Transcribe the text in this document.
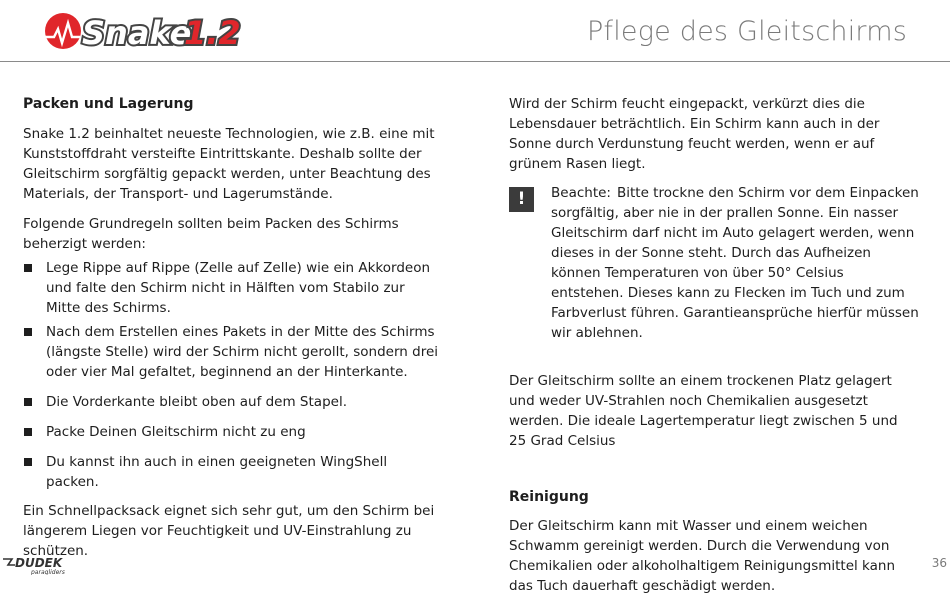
Snake
1.2	Pflege des Gleitschirms
Packen und Lagerung

Snake 1.2 beinhaltet neueste Technologien, wie z.B. eine mit Kunststoffdraht versteifte Eintrittskante. Deshalb sollte der Gleitschirm sorgfältig gepackt werden, unter Beachtung des Materials, der Transport- und Lagerumstände.

Folgende Grundregeln sollten beim Packen des Schirms beherzigt werden:

Lege Rippe auf Rippe (Zelle auf Zelle) wie ein Akkordeon und falte den Schirm nicht in Hälften vom Stabilo zur Mitte des Schirms.
Nach dem Erstellen eines Pakets in der Mitte des Schirms (längste Stelle) wird der Schirm nicht gerollt, sondern drei oder vier Mal gefaltet, beginnend an der Hinterkante.
Die Vorderkante bleibt oben auf dem Stapel.
Packe Deinen Gleitschirm nicht zu eng
Du kannst ihn auch in einen geeigneten WingShell packen.

Ein Schnellpacksack eignet sich sehr gut, um den Schirm bei längerem Liegen vor Feuchtigkeit und UV-Einstrahlung zu schützen.

Wird der Schirm feucht eingepackt, verkürzt dies die Lebensdauer beträchtlich. Ein Schirm kann auch in der Sonne durch Verdunstung feucht werden, wenn er auf grünem Rasen liegt.

!	Beachte: Bitte trockne den Schirm vor dem Einpacken sorgfältig, aber nie in der prallen Sonne. Ein nasser Gleitschirm darf nicht im Auto gelagert werden, wenn dieses in der Sonne steht. Durch das Aufheizen können Temperaturen von über 50° Celsius entstehen. Dieses kann zu Flecken im Tuch und zum Farbverlust führen. Garantieansprüche hierfür müssen wir ablehnen.

Der Gleitschirm sollte an einem trockenen Platz gelagert und weder UV-Strahlen noch Chemikalien ausgesetzt werden. Die ideale Lagertemperatur liegt zwischen 5 und 25 Grad Celsius

Reinigung

Der Gleitschirm kann mit Wasser und einem weichen Schwamm gereinigt werden. Durch die Verwendung von Chemikalien oder alkoholhaltigem Reinigungsmittel kann das Tuch dauerhaft geschädigt werden.

DUDEK
paragliders
36
